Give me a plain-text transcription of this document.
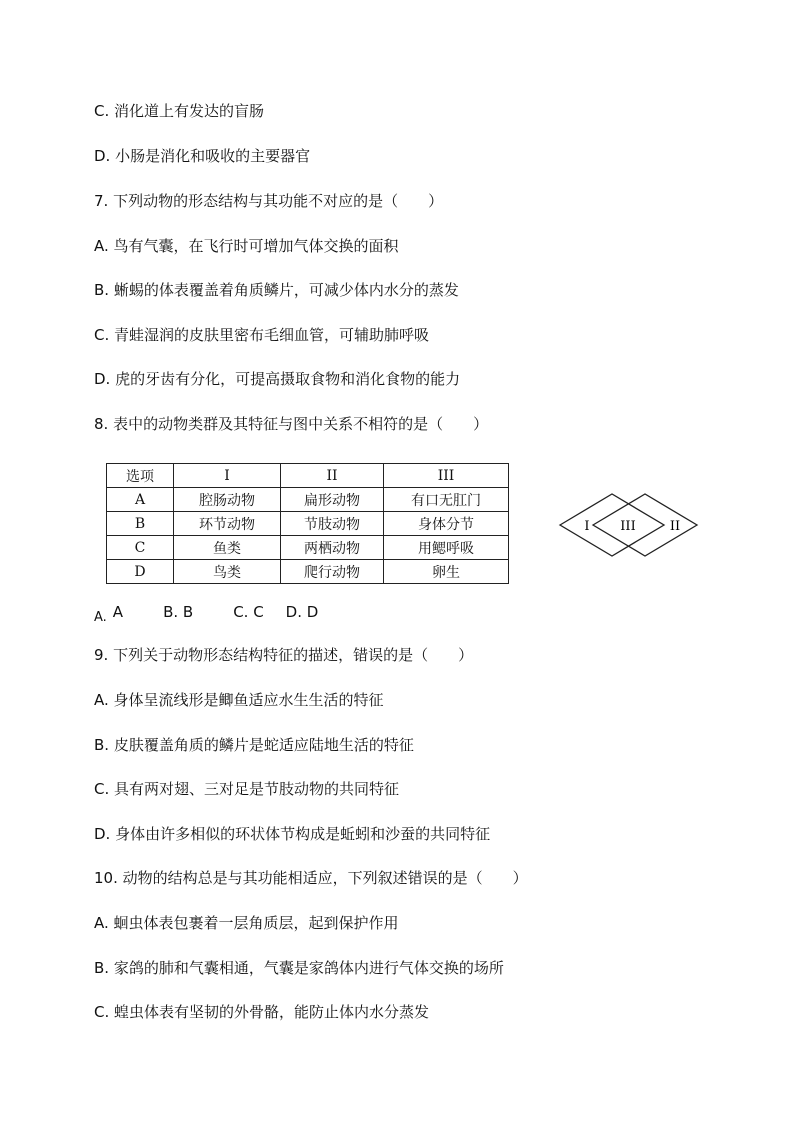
C. 消化道上有发达的盲肠
D. 小肠是消化和吸收的主要器官
7. 下列动物的形态结构与其功能不对应的是（　　）
A. 鸟有气囊，在飞行时可增加气体交换的面积
B. 蜥蜴的体表覆盖着角质鳞片，可减少体内水分的蒸发
C. 青蛙湿润的皮肤里密布毛细血管，可辅助肺呼吸
D. 虎的牙齿有分化，可提高摄取食物和消化食物的能力
8. 表中的动物类群及其特征与图中关系不相符的是（　　）
选项	I	II	III
A	腔肠动物	扁形动物	有口无肛门
B	环节动物	节肢动物	身体分节
C	鱼类	两栖动物	用鳃呼吸
D	鸟类	爬行动物	卵生
I III	II
A. A	B. B	C. C D. D
9. 下列关于动物形态结构特征的描述，错误的是（　　）
A. 身体呈流线形是鲫鱼适应水生生活的特征
B. 皮肤覆盖角质的鳞片是蛇适应陆地生活的特征
C. 具有两对翅、三对足是节肢动物的共同特征
D. 身体由许多相似的环状体节构成是蚯蚓和沙蚕的共同特征
10. 动物的结构总是与其功能相适应，下列叙述错误的是（　　）
A. 蛔虫体表包裹着一层角质层，起到保护作用
B. 家鸽的肺和气囊相通，气囊是家鸽体内进行气体交换的场所
C. 蝗虫体表有坚韧的外骨骼，能防止体内水分蒸发
